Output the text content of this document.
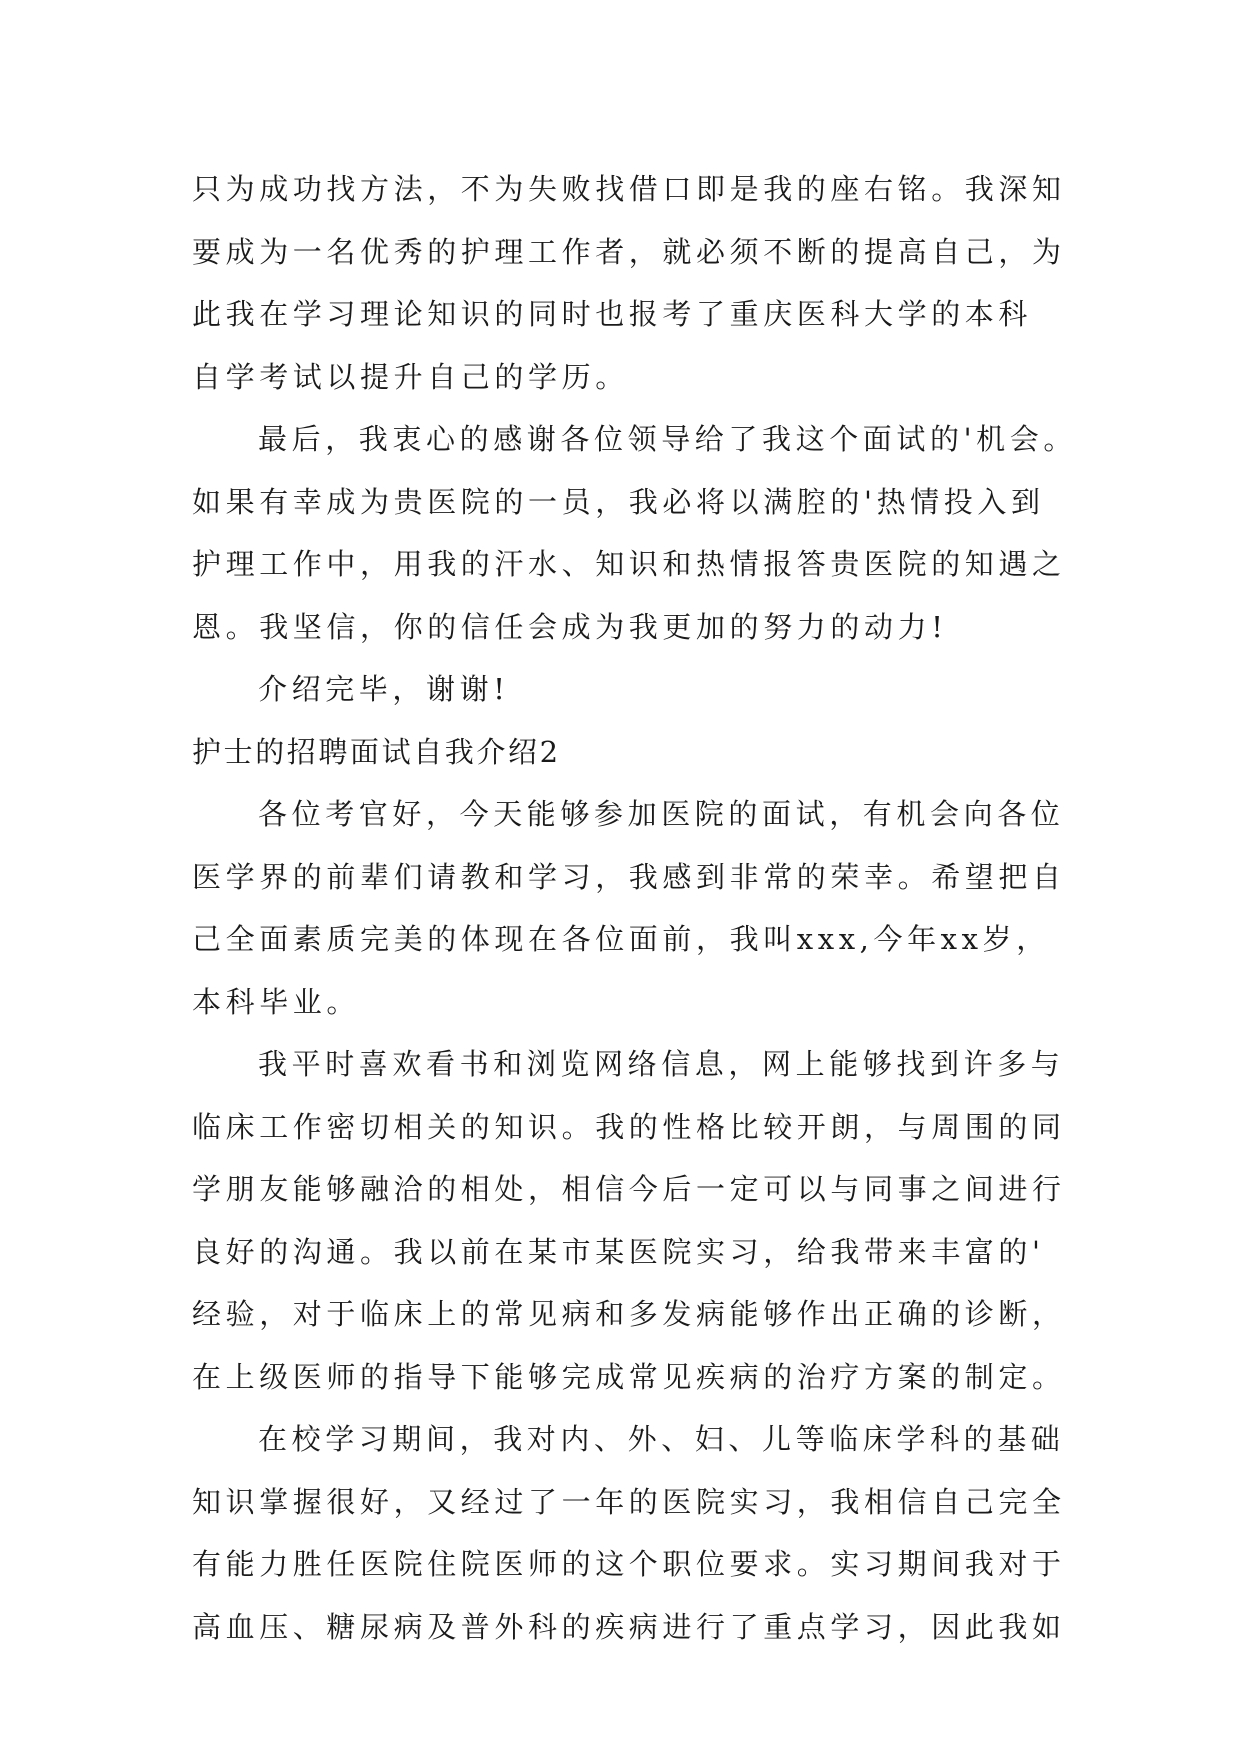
只为成功找方法，不为失败找借口即是我的座右铭。我深知
要成为一名优秀的护理工作者，就必须不断的提高自己，为
此我在学习理论知识的同时也报考了重庆医科大学的本科
自学考试以提升自己的学历。
最后，我衷心的感谢各位领导给了我这个面试的'机会。
如果有幸成为贵医院的一员，我必将以满腔的'热情投入到
护理工作中，用我的汗水、知识和热情报答贵医院的知遇之
恩。我坚信，你的信任会成为我更加的努力的动力!
介绍完毕，谢谢!
护士的招聘面试自我介绍2
各位考官好，今天能够参加医院的面试，有机会向各位
医学界的前辈们请教和学习，我感到非常的荣幸。希望把自
己全面素质完美的体现在各位面前，我叫xxx,今年xx岁，
本科毕业。
我平时喜欢看书和浏览网络信息，网上能够找到许多与
临床工作密切相关的知识。我的性格比较开朗，与周围的同
学朋友能够融洽的相处，相信今后一定可以与同事之间进行
良好的沟通。我以前在某市某医院实习，给我带来丰富的'
经验，对于临床上的常见病和多发病能够作出正确的诊断，
在上级医师的指导下能够完成常见疾病的治疗方案的制定。
在校学习期间，我对内、外、妇、儿等临床学科的基础
知识掌握很好，又经过了一年的医院实习，我相信自己完全
有能力胜任医院住院医师的这个职位要求。实习期间我对于
高血压、糖尿病及普外科的疾病进行了重点学习，因此我如
